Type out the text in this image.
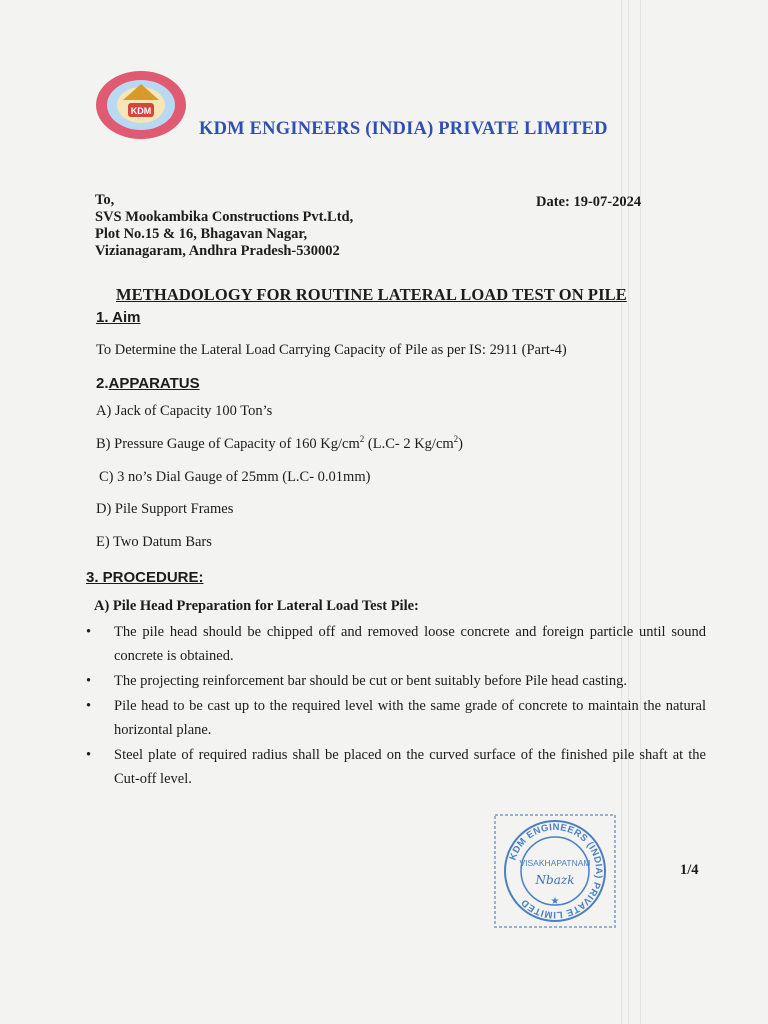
KDM
KDM ENGINEERS (INDIA) PRIVATE LIMITED
To,
SVS Mookambika Constructions Pvt.Ltd,
Plot No.15 & 16, Bhagavan Nagar,
Vizianagaram, Andhra Pradesh-530002
Date: 19-07-2024
METHADOLOGY FOR ROUTINE LATERAL LOAD TEST ON PILE
1. Aim
To Determine the Lateral Load Carrying Capacity of Pile as per IS: 2911 (Part-4)
2.APPARATUS
A) Jack of Capacity 100 Ton’s
B) Pressure Gauge of Capacity of 160 $Kg/cm^2$ (L.C- 2 $Kg/cm^2$)
C) 3 no’s Dial Gauge of 25mm (L.C- 0.01mm)
D) Pile Support Frames
E) Two Datum Bars
3. PROCEDURE:
A) Pile Head Preparation for Lateral Load Test Pile:
• The pile head should be chipped off and removed loose concrete and foreign particle until sound concrete is obtained.
• The projecting reinforcement bar should be cut or bent suitably before Pile head casting.
• Pile head to be cast up to the required level with the same grade of concrete to maintain the natural horizontal plane.
• Steel plate of required radius shall be placed on the curved surface of the finished pile shaft at the Cut-off level.
KDM ENGINEERS (INDIA) PRIVATE LIMITED
VISAKHAPATNAM
Nbazk
★
1/4
